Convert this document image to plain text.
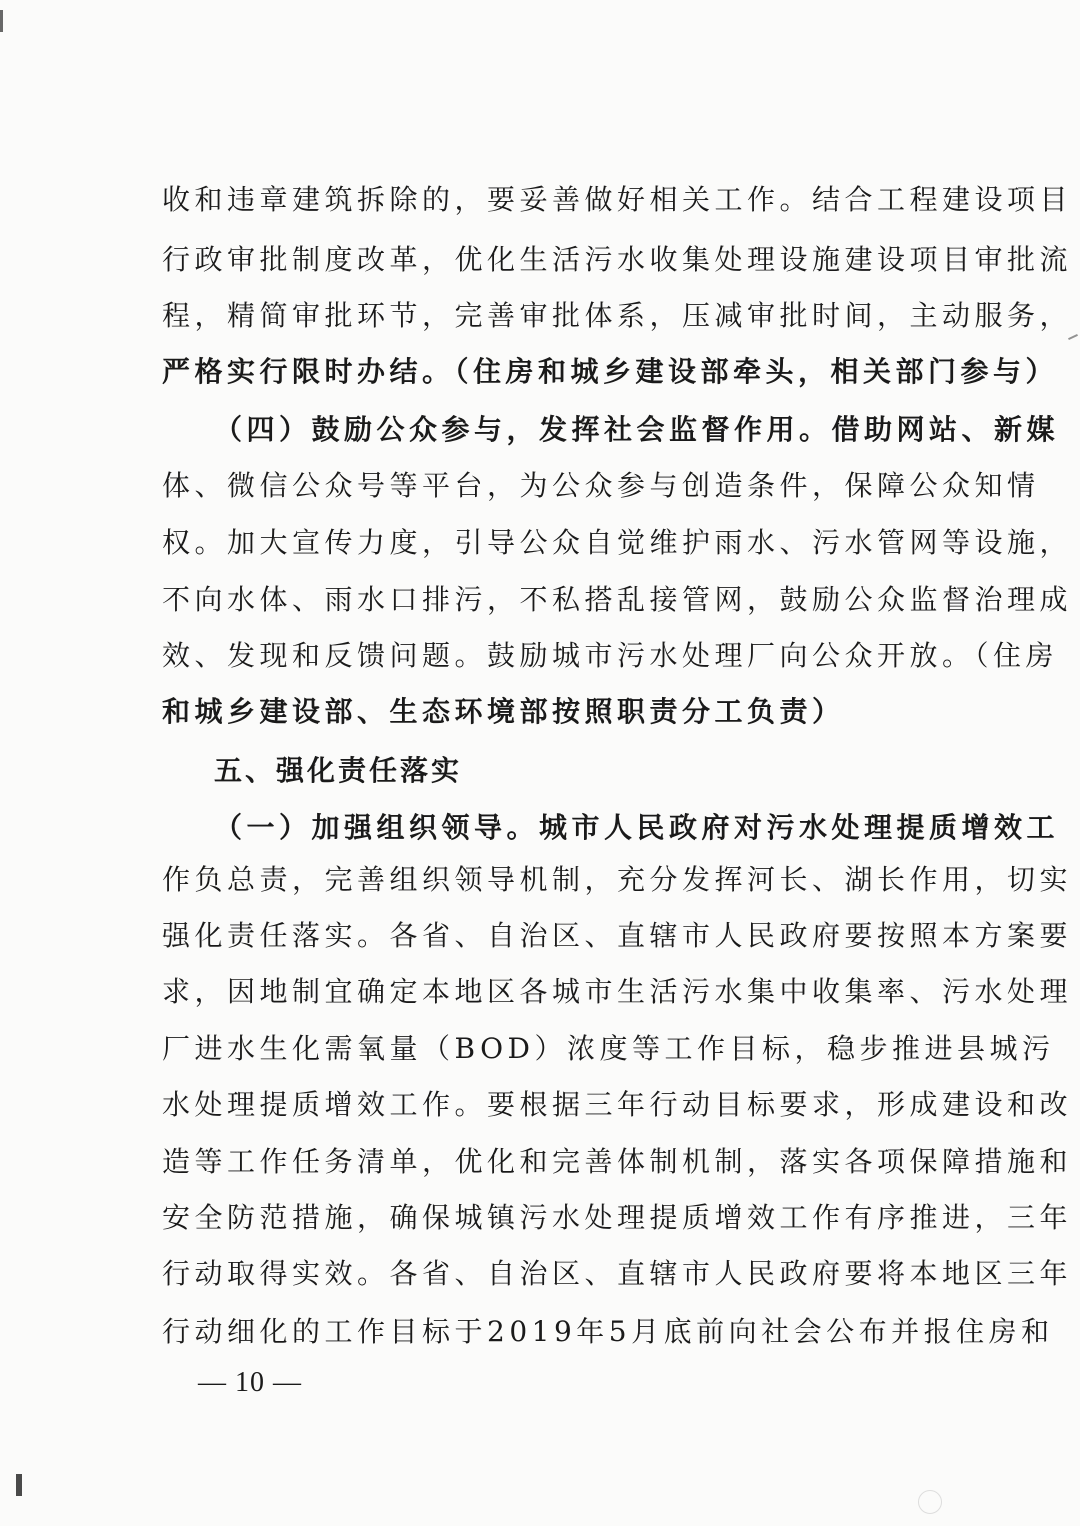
收和违章建筑拆除的，要妥善做好相关工作。结合工程建设项目
行政审批制度改革，优化生活污水收集处理设施建设项目审批流
程，精简审批环节，完善审批体系，压减审批时间，主动服务，
严格实行限时办结。（住房和城乡建设部牵头，相关部门参与）
（四）鼓励公众参与，发挥社会监督作用。借助网站、新媒
体、微信公众号等平台，为公众参与创造条件，保障公众知情
权。加大宣传力度，引导公众自觉维护雨水、污水管网等设施，
不向水体、雨水口排污，不私搭乱接管网，鼓励公众监督治理成
效、发现和反馈问题。鼓励城市污水处理厂向公众开放。（住房
和城乡建设部、生态环境部按照职责分工负责）
五、强化责任落实
（一）加强组织领导。城市人民政府对污水处理提质增效工
作负总责，完善组织领导机制，充分发挥河长、湖长作用，切实
强化责任落实。各省、自治区、直辖市人民政府要按照本方案要
求，因地制宜确定本地区各城市生活污水集中收集率、污水处理
厂进水生化需氧量（BOD）浓度等工作目标，稳步推进县城污
水处理提质增效工作。要根据三年行动目标要求，形成建设和改
造等工作任务清单，优化和完善体制机制，落实各项保障措施和
安全防范措施，确保城镇污水处理提质增效工作有序推进，三年
行动取得实效。各省、自治区、直辖市人民政府要将本地区三年
行动细化的工作目标于2019年5月底前向社会公布并报住房和
— 10 —
